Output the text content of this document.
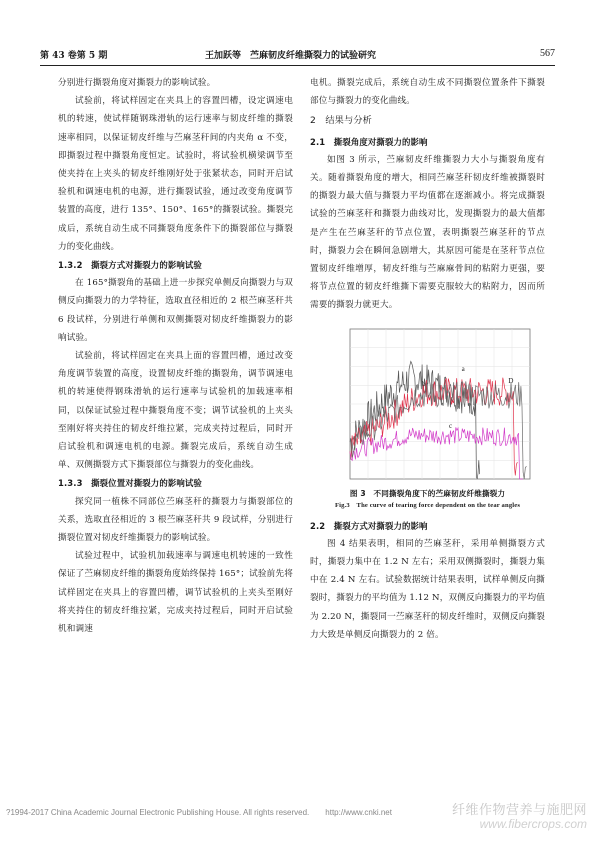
第 43 卷第 5 期	王加跃等　苎麻韧皮纤维撕裂力的试验研究	567

分别进行撕裂角度对撕裂力的影响试验。

试验前，将试样固定在夹具上的容置凹槽，设定调速电机的转速，使试样随钢珠滑轨的运行速率与韧皮纤维的撕裂速率相同，以保证韧皮纤维与苎麻茎秆间的内夹角 α 不变，即撕裂过程中撕裂角度恒定。试验时，将试验机横梁调节至使夹持在上夹头的韧皮纤维刚好处于张紧状态，同时开启试验机和调速电机的电源，进行撕裂试验，通过改变角度调节装置的高度，进行 135°、150°、165°的撕裂试验。撕裂完成后，系统自动生成不同撕裂角度条件下的撕裂部位与撕裂力的变化曲线。

1.3.2　撕裂方式对撕裂力的影响试验

在 165°撕裂角的基础上进一步探究单侧反向撕裂力与双侧反向撕裂力的力学特征，选取直径相近的 2 根苎麻茎秆共 6 段试样，分别进行单侧和双侧撕裂对韧皮纤维撕裂力的影响试验。

试验前，将试样固定在夹具上面的容置凹槽，通过改变角度调节装置的高度，设置韧皮纤维的撕裂角，调节调速电机的转速使得钢珠滑轨的运行速率与试验机的加载速率相同，以保证试验过程中撕裂角度不变；调节试验机的上夹头至刚好将夹持住的韧皮纤维拉紧，完成夹持过程后，同时开启试验机和调速电机的电源。撕裂完成后，系统自动生成单、双侧撕裂方式下撕裂部位与撕裂力的变化曲线。

1.3.3　撕裂位置对撕裂力的影响试验

探究同一植株不同部位苎麻茎秆的撕裂力与撕裂部位的关系，选取直径相近的 3 根苎麻茎秆共 9 段试样，分别进行撕裂位置对韧皮纤维撕裂力的影响试验。

试验过程中，试验机加载速率与调速电机转速的一致性保证了苎麻韧皮纤维的撕裂角度始终保持 165°；试验前先将试样固定在夹具上的容置凹槽，调节试验机的上夹头至刚好将夹持住的韧皮纤维拉紧，完成夹持过程后，同时开启试验机和调速

电机。撕裂完成后，系统自动生成不同撕裂位置条件下撕裂部位与撕裂力的变化曲线。

2　结果与分析

2.1　撕裂角度对撕裂力的影响

如图 3 所示，苎麻韧皮纤维撕裂力大小与撕裂角度有关。随着撕裂角度的增大，相同苎麻茎秆韧皮纤维被撕裂时的撕裂力最大值与撕裂力平均值都在逐渐减小。将完成撕裂试验的苎麻茎秆和撕裂力曲线对比，发现撕裂力的最大值都是产生在苎麻茎秆的节点位置，表明撕裂苎麻茎秆的节点时，撕裂力会在瞬间急剧增大，其原因可能是在茎秆节点位置韧皮纤维增厚，韧皮纤维与苎麻麻骨间的粘附力更强，要将节点位置的韧皮纤维撕下需要克服较大的粘附力，因而所需要的撕裂力就更大。

a
b
c
D

图 3　不同撕裂角度下的苎麻韧皮纤维撕裂力

Fig.3　The curve of tearing force dependent on the tear angles

2.2　撕裂方式对撕裂力的影响

图 4 结果表明，相同的苎麻茎秆，采用单侧撕裂方式时，撕裂力集中在 1.2 N 左右；采用双侧撕裂时，撕裂力集中在 2.4 N 左右。试验数据统计结果表明，试样单侧反向撕裂时，撕裂力的平均值为 1.12 N，双侧反向撕裂力的平均值为 2.20 N，撕裂同一苎麻茎秆的韧皮纤维时，双侧反向撕裂力大致是单侧反向撕裂力的 2 倍。

?1994-2017 China Academic Journal Electronic Publishing House. All rights reserved.　　http://www.cnki.net	纤维作物营养与施肥网
www.fibercrops.com
